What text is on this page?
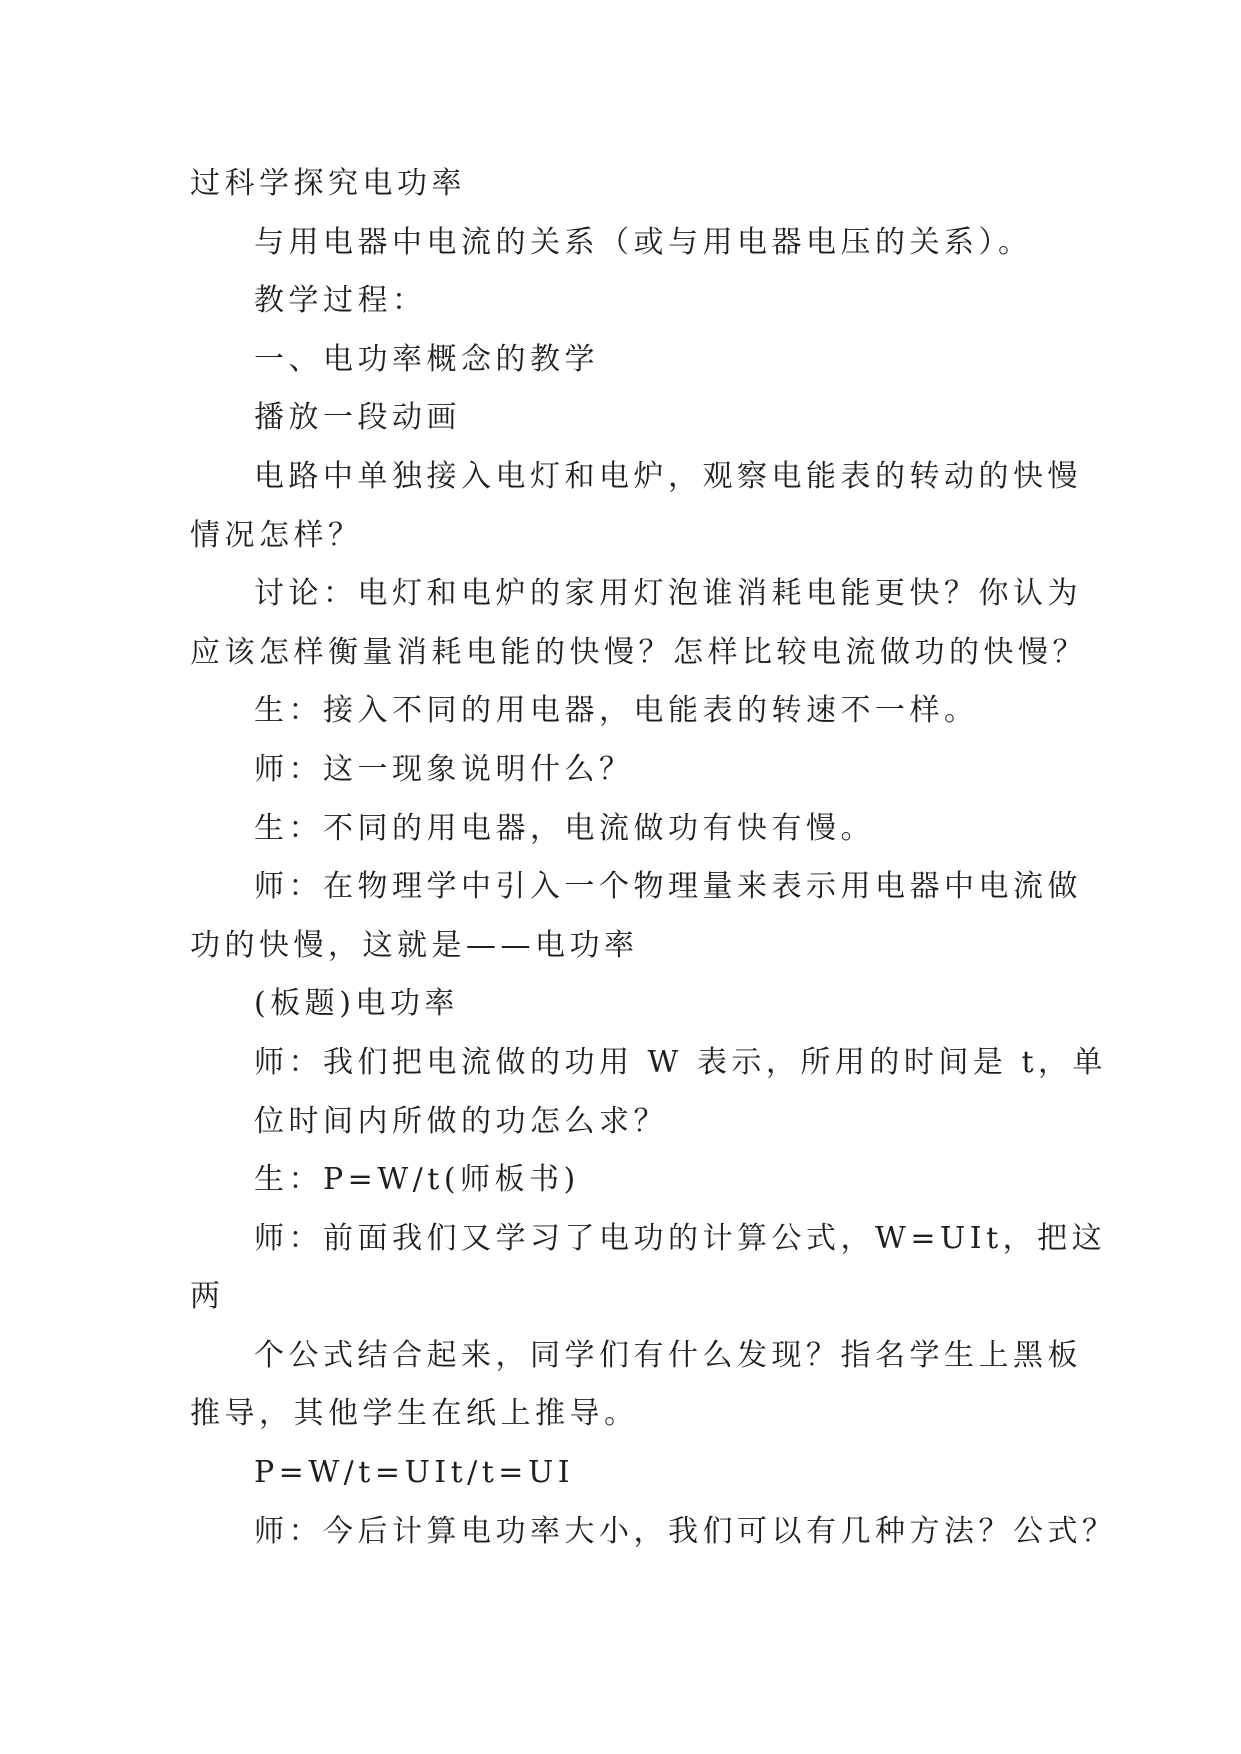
过科学探究电功率
与用电器中电流的关系（或与用电器电压的关系）。
教学过程：
一、电功率概念的教学
播放一段动画
电路中单独接入电灯和电炉，观察电能表的转动的快慢
情况怎样？
讨论：电灯和电炉的家用灯泡谁消耗电能更快？你认为
应该怎样衡量消耗电能的快慢？怎样比较电流做功的快慢？
生：接入不同的用电器，电能表的转速不一样。
师：这一现象说明什么？
生：不同的用电器，电流做功有快有慢。
师：在物理学中引入一个物理量来表示用电器中电流做
功的快慢，这就是——电功率
(板题)电功率
师：我们把电流做的功用 W 表示，所用的时间是 t，单
位时间内所做的功怎么求？
生：P=W/t(师板书)
师：前面我们又学习了电功的计算公式，W=UIt，把这
两
个公式结合起来，同学们有什么发现？指名学生上黑板
推导，其他学生在纸上推导。
P=W/t=UIt/t=UI
师：今后计算电功率大小，我们可以有几种方法？公式？
